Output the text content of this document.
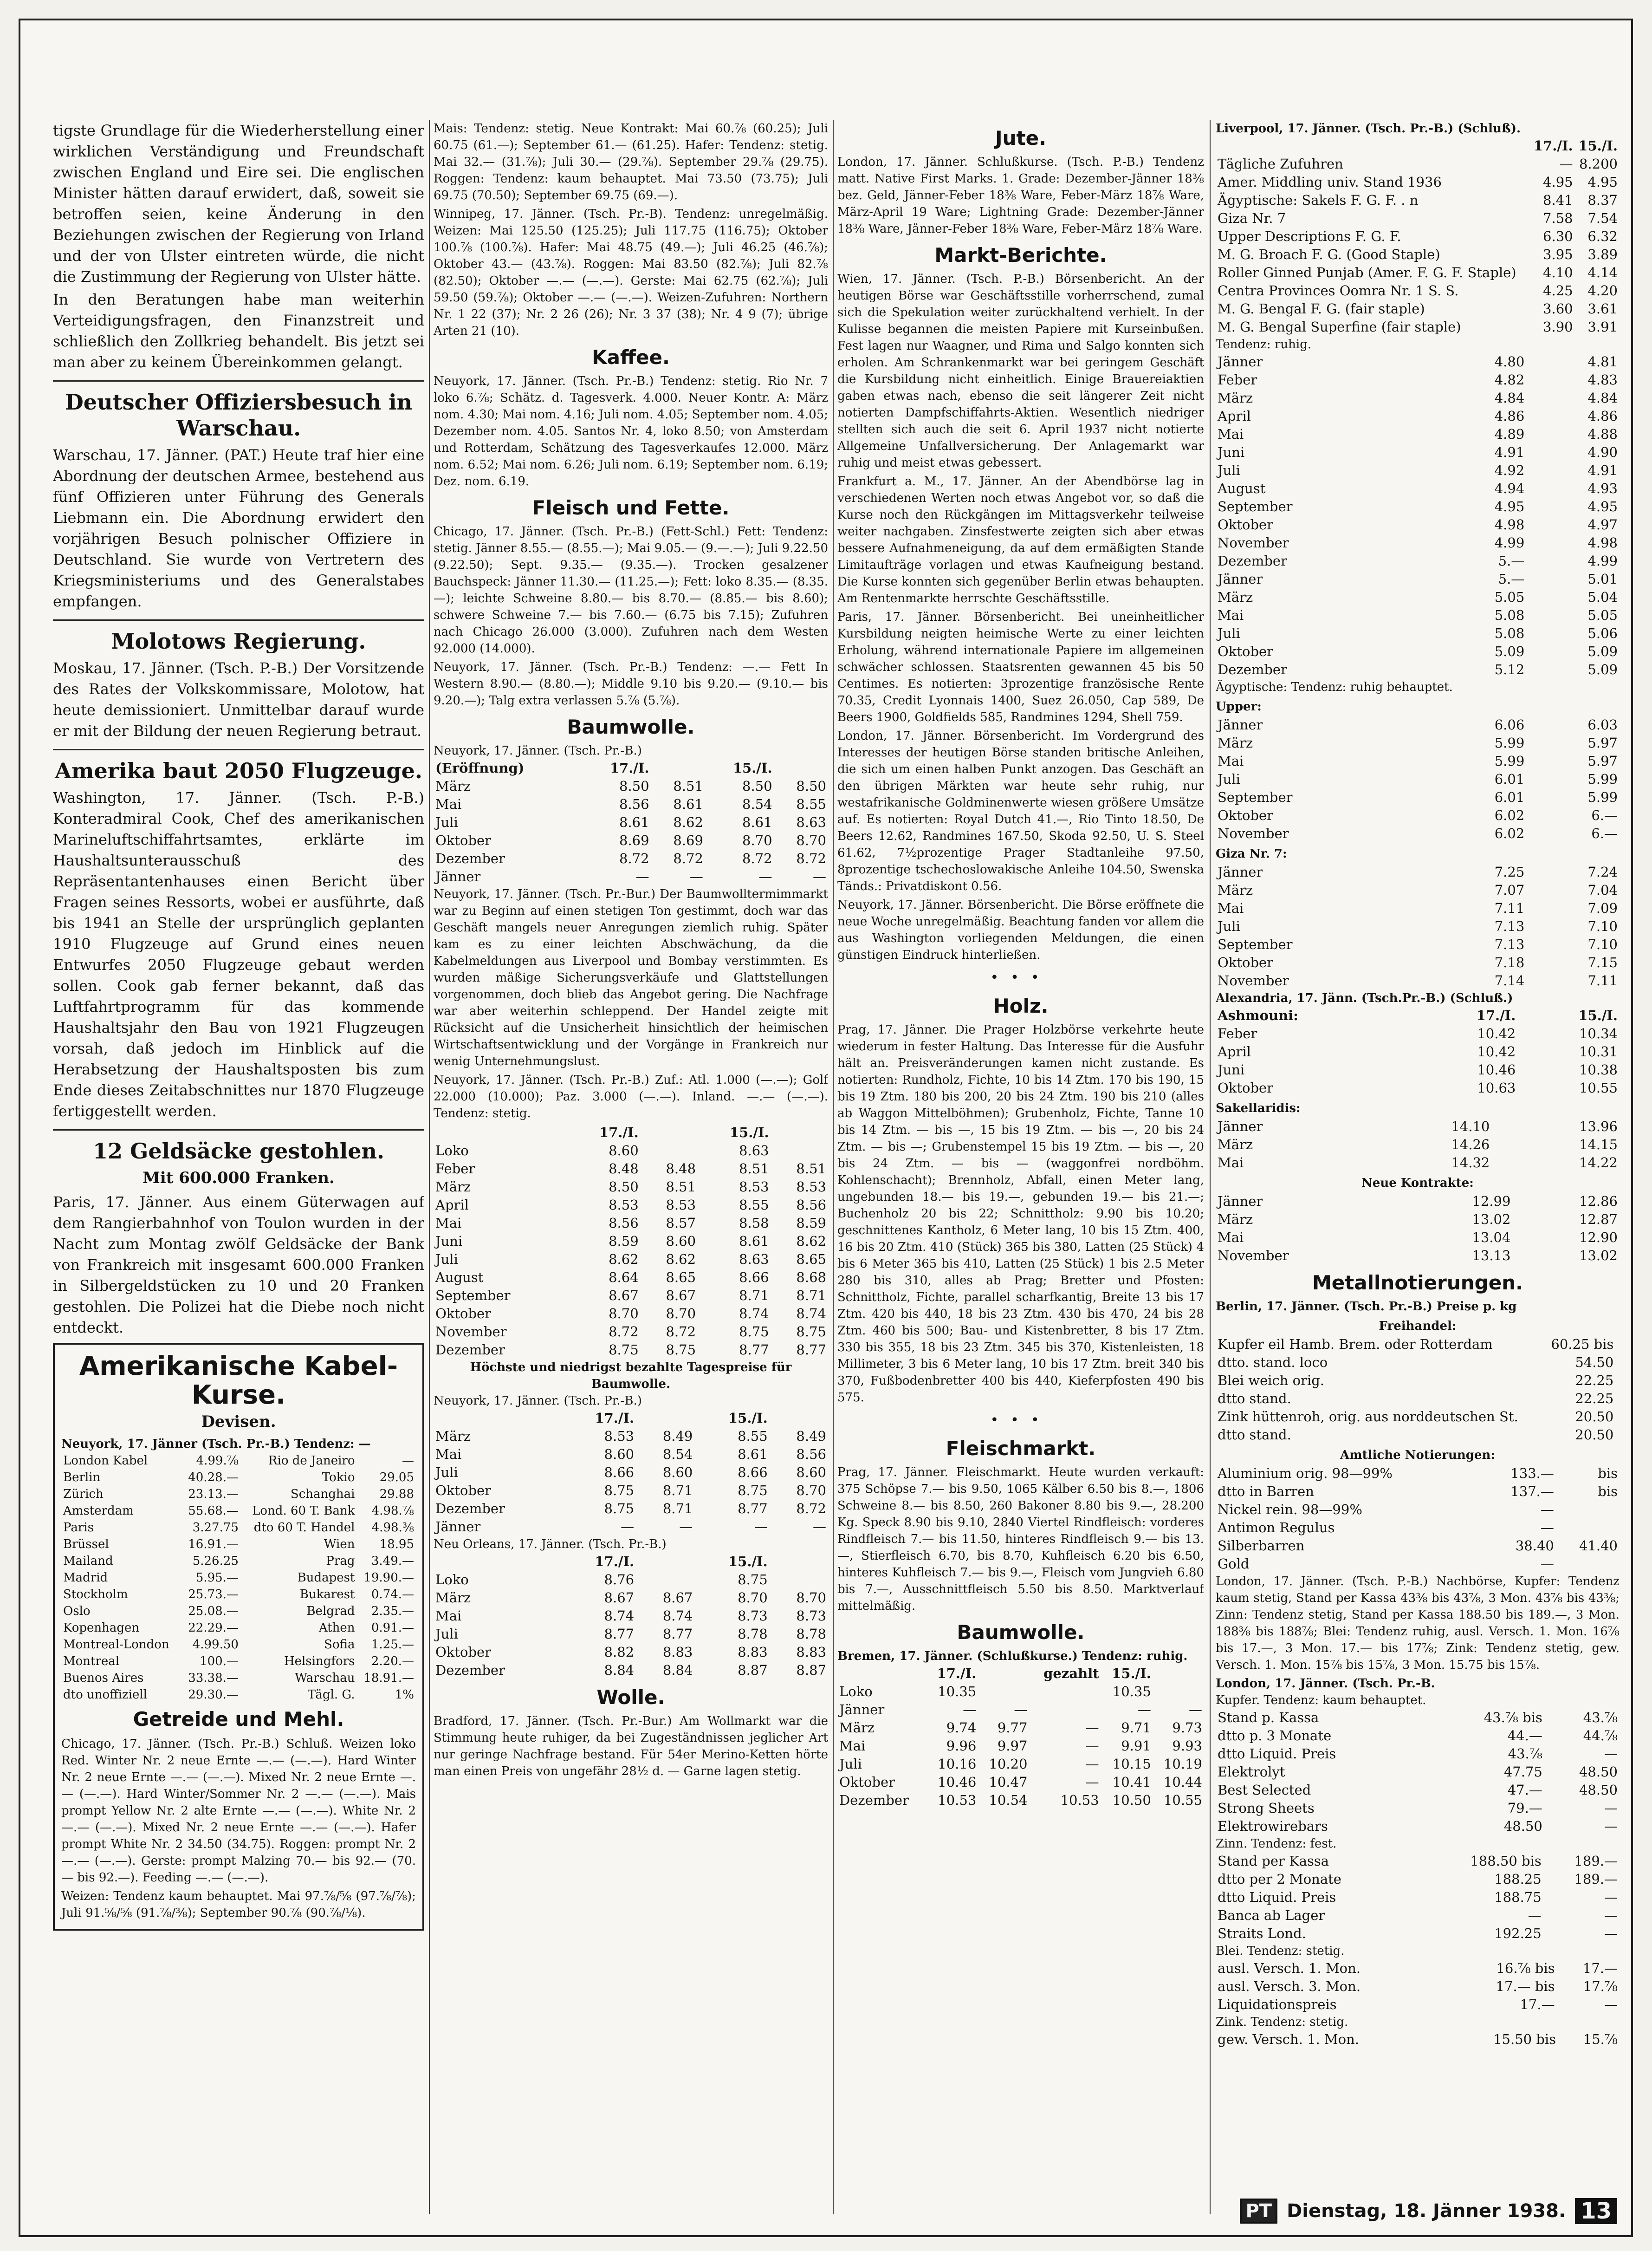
tigste Grundlage für die Wiederherstellung einer wirklichen Verständigung und Freundschaft zwischen England und Eire sei. Die englischen Minister hätten darauf erwidert, daß, soweit sie betroffen seien, keine Änderung in den Beziehungen zwischen der Regierung von Irland und der von Ulster eintreten würde, die nicht die Zustimmung der Regierung von Ulster hätte.

In den Beratungen habe man weiterhin Verteidigungsfragen, den Finanzstreit und schließlich den Zollkrieg behandelt. Bis jetzt sei man aber zu keinem Übereinkommen gelangt.

Deutscher Offiziersbesuch in Warschau.

Warschau, 17. Jänner. (PAT.) Heute traf hier eine Abordnung der deutschen Armee, bestehend aus fünf Offizieren unter Führung des Generals Liebmann ein. Die Abordnung erwidert den vorjährigen Besuch polnischer Offiziere in Deutschland. Sie wurde von Vertretern des Kriegsministeriums und des Generalstabes empfangen.

Molotows Regierung.

Moskau, 17. Jänner. (Tsch. P.-B.) Der Vorsitzende des Rates der Volkskommissare, Molotow, hat heute demissioniert. Unmittelbar darauf wurde er mit der Bildung der neuen Regierung betraut.

Amerika baut 2050 Flugzeuge.

Washington, 17. Jänner. (Tsch. P.-B.) Konteradmiral Cook, Chef des amerikanischen Marineluftschiffahrtsamtes, erklärte im Haushaltsunterausschuß des Repräsentantenhauses einen Bericht über Fragen seines Ressorts, wobei er ausführte, daß bis 1941 an Stelle der ursprünglich geplanten 1910 Flugzeuge auf Grund eines neuen Entwurfes 2050 Flugzeuge gebaut werden sollen. Cook gab ferner bekannt, daß das Luftfahrtprogramm für das kommende Haushaltsjahr den Bau von 1921 Flugzeugen vorsah, daß jedoch im Hinblick auf die Herabsetzung der Haushaltsposten bis zum Ende dieses Zeitabschnittes nur 1870 Flugzeuge fertiggestellt werden.

12 Geldsäcke gestohlen.
Mit 600.000 Franken.

Paris, 17. Jänner. Aus einem Güterwagen auf dem Rangierbahnhof von Toulon wurden in der Nacht zum Montag zwölf Geldsäcke der Bank von Frankreich mit insgesamt 600.000 Franken in Silbergeldstücken zu 10 und 20 Franken gestohlen. Die Polizei hat die Diebe noch nicht entdeckt.

Amerikanische Kabel-Kurse.
Devisen.
Neuyork, 17. Jänner (Tsch. Pr.-B.) Tendenz: —
London Kabel	4.99.⅞	Rio de Janeiro	—
Berlin	40.28.—	Tokio	29.05
Zürich	23.13.—	Schanghai	29.88
Amsterdam	55.68.—	Lond. 60 T. Bank	4.98.⅞
Paris	3.27.75	dto 60 T. Handel	4.98.⅜
Brüssel	16.91.—	Wien	18.95
Mailand	5.26.25	Prag	3.49.—
Madrid	5.95.—	Budapest	19.90.—
Stockholm	25.73.—	Bukarest	0.74.—
Oslo	25.08.—	Belgrad	2.35.—
Kopenhagen	22.29.—	Athen	0.91.—
Montreal-London	4.99.50	Sofia	1.25.—
Montreal	100.—	Helsingfors	2.20.—
Buenos Aires	33.38.—	Warschau	18.91.—
dto unoffiziell	29.30.—	Tägl. G.	1%
Getreide und Mehl.

Chicago, 17. Jänner. (Tsch. Pr.-B.) Schluß. Weizen loko Red. Winter Nr. 2 neue Ernte —.— (—.—). Hard Winter Nr. 2 neue Ernte —.— (—.—). Mixed Nr. 2 neue Ernte —.— (—.—). Hard Winter/Sommer Nr. 2 —.— (—.—). Mais prompt Yellow Nr. 2 alte Ernte —.— (—.—). White Nr. 2 —.— (—.—). Mixed Nr. 2 neue Ernte —.— (—.—). Hafer prompt White Nr. 2 34.50 (34.75). Roggen: prompt Nr. 2 —.— (—.—). Gerste: prompt Malzing 70.— bis 92.— (70.— bis 92.—). Feeding —.— (—.—).

Weizen: Tendenz kaum behauptet. Mai 97.⅞/⅝ (97.⅞/⅞); Juli 91.⅝/⅝ (91.⅞/⅜); September 90.⅞ (90.⅞/⅛).

Mais: Tendenz: stetig. Neue Kontrakt: Mai 60.⅞ (60.25); Juli 60.75 (61.—); September 61.— (61.25). Hafer: Tendenz: stetig. Mai 32.— (31.⅞); Juli 30.— (29.⅞). September 29.⅞ (29.75). Roggen: Tendenz: kaum behauptet. Mai 73.50 (73.75); Juli 69.75 (70.50); September 69.75 (69.—).

Winnipeg, 17. Jänner. (Tsch. Pr.-B). Tendenz: unregelmäßig. Weizen: Mai 125.50 (125.25); Juli 117.75 (116.75); Oktober 100.⅞ (100.⅞). Hafer: Mai 48.75 (49.—); Juli 46.25 (46.⅞); Oktober 43.— (43.⅞). Roggen: Mai 83.50 (82.⅞); Juli 82.⅞ (82.50); Oktober —.— (—.—). Gerste: Mai 62.75 (62.⅞); Juli 59.50 (59.⅞); Oktober —.— (—.—). Weizen-Zufuhren: Northern Nr. 1 22 (37); Nr. 2 26 (26); Nr. 3 37 (38); Nr. 4 9 (7); übrige Arten 21 (10).

Kaffee.

Neuyork, 17. Jänner. (Tsch. Pr.-B.) Tendenz: stetig. Rio Nr. 7 loko 6.⅞; Schätz. d. Tagesverk. 4.000. Neuer Kontr. A: März nom. 4.30; Mai nom. 4.16; Juli nom. 4.05; September nom. 4.05; Dezember nom. 4.05. Santos Nr. 4, loko 8.50; von Amsterdam und Rotterdam, Schätzung des Tagesverkaufes 12.000. März nom. 6.52; Mai nom. 6.26; Juli nom. 6.19; September nom. 6.19; Dez. nom. 6.19.

Fleisch und Fette.

Chicago, 17. Jänner. (Tsch. Pr.-B.) (Fett-Schl.) Fett: Tendenz: stetig. Jänner 8.55.— (8.55.—); Mai 9.05.— (9.—.—); Juli 9.22.50 (9.22.50); Sept. 9.35.— (9.35.—). Trocken gesalzener Bauchspeck: Jänner 11.30.— (11.25.—); Fett: loko 8.35.— (8.35.—); leichte Schweine 8.80.— bis 8.70.— (8.85.— bis 8.60); schwere Schweine 7.— bis 7.60.— (6.75 bis 7.15); Zufuhren nach Chicago 26.000 (3.000). Zufuhren nach dem Westen 92.000 (14.000).

Neuyork, 17. Jänner. (Tsch. Pr.-B.) Tendenz: —.— Fett In Western 8.90.— (8.80.—); Middle 9.10 bis 9.20.— (9.10.— bis 9.20.—); Talg extra verlassen 5.⅞ (5.⅞).

Baumwolle.
Neuyork, 17. Jänner. (Tsch. Pr.-B.)
(Eröffnung)	17./I.		15./I.	
März	8.50	8.51	8.50	8.50
Mai	8.56	8.61	8.54	8.55
Juli	8.61	8.62	8.61	8.63
Oktober	8.69	8.69	8.70	8.70
Dezember	8.72	8.72	8.72	8.72
Jänner	—	—	—	—

Neuyork, 17. Jänner. (Tsch. Pr.-Bur.) Der Baumwolltermimmarkt war zu Beginn auf einen stetigen Ton gestimmt, doch war das Geschäft mangels neuer Anregungen ziemlich ruhig. Später kam es zu einer leichten Abschwächung, da die Kabelmeldungen aus Liverpool und Bombay verstimmten. Es wurden mäßige Sicherungsverkäufe und Glattstellungen vorgenommen, doch blieb das Angebot gering. Die Nachfrage war aber weiterhin schleppend. Der Handel zeigte mit Rücksicht auf die Unsicherheit hinsichtlich der heimischen Wirtschaftsentwicklung und der Vorgänge in Frankreich nur wenig Unternehmungslust.

Neuyork, 17. Jänner. (Tsch. Pr.-B.) Zuf.: Atl. 1.000 (—.—); Golf 22.000 (10.000); Paz. 3.000 (—.—). Inland. —.— (—.—). Tendenz: stetig.

	17./I.		15./I.	
Loko	8.60		8.63	
Feber	8.48	8.48	8.51	8.51
März	8.50	8.51	8.53	8.53
April	8.53	8.53	8.55	8.56
Mai	8.56	8.57	8.58	8.59
Juni	8.59	8.60	8.61	8.62
Juli	8.62	8.62	8.63	8.65
August	8.64	8.65	8.66	8.68
September	8.67	8.67	8.71	8.71
Oktober	8.70	8.70	8.74	8.74
November	8.72	8.72	8.75	8.75
Dezember	8.75	8.75	8.77	8.77
Höchste und niedrigst bezahlte Tagespreise für Baumwolle.
Neuyork, 17. Jänner. (Tsch. Pr.-B.)
	17./I.		15./I.	
März	8.53	8.49	8.55	8.49
Mai	8.60	8.54	8.61	8.56
Juli	8.66	8.60	8.66	8.60
Oktober	8.75	8.71	8.75	8.70
Dezember	8.75	8.71	8.77	8.72
Jänner	—	—	—	—
Neu Orleans, 17. Jänner. (Tsch. Pr.-B.)
	17./I.		15./I.	
Loko	8.76		8.75	
März	8.67	8.67	8.70	8.70
Mai	8.74	8.74	8.73	8.73
Juli	8.77	8.77	8.78	8.78
Oktober	8.82	8.83	8.83	8.83
Dezember	8.84	8.84	8.87	8.87
Wolle.

Bradford, 17. Jänner. (Tsch. Pr.-Bur.) Am Wollmarkt war die Stimmung heute ruhiger, da bei Zugeständnissen jeglicher Art nur geringe Nachfrage bestand. Für 54er Merino-Ketten hörte man einen Preis von ungefähr 28½ d. — Garne lagen stetig.

Jute.

London, 17. Jänner. Schlußkurse. (Tsch. P.-B.) Tendenz matt. Native First Marks. 1. Grade: Dezember-Jänner 18⅜ bez. Geld, Jänner-Feber 18⅜ Ware, Feber-März 18⅞ Ware, März-April 19 Ware; Lightning Grade: Dezember-Jänner 18⅜ Ware, Jänner-Feber 18⅜ Ware, Feber-März 18⅞ Ware.

Markt-Berichte.

Wien, 17. Jänner. (Tsch. P.-B.) Börsenbericht. An der heutigen Börse war Geschäftsstille vorherrschend, zumal sich die Spekulation weiter zurückhaltend verhielt. In der Kulisse begannen die meisten Papiere mit Kurseinbußen. Fest lagen nur Waagner, und Rima und Salgo konnten sich erholen. Am Schrankenmarkt war bei geringem Geschäft die Kursbildung nicht einheitlich. Einige Brauereiaktien gaben etwas nach, ebenso die seit längerer Zeit nicht notierten Dampfschiffahrts-Aktien. Wesentlich niedriger stellten sich auch die seit 6. April 1937 nicht notierte Allgemeine Unfallversicherung. Der Anlagemarkt war ruhig und meist etwas gebessert.

Frankfurt a. M., 17. Jänner. An der Abendbörse lag in verschiedenen Werten noch etwas Angebot vor, so daß die Kurse noch den Rückgängen im Mittagsverkehr teilweise weiter nachgaben. Zinsfestwerte zeigten sich aber etwas bessere Aufnahmeneigung, da auf dem ermäßigten Stande Limitaufträge vorlagen und etwas Kaufneigung bestand. Die Kurse konnten sich gegenüber Berlin etwas behaupten. Am Rentenmarkte herrschte Geschäftsstille.

Paris, 17. Jänner. Börsenbericht. Bei uneinheitlicher Kursbildung neigten heimische Werte zu einer leichten Erholung, während internationale Papiere im allgemeinen schwächer schlossen. Staatsrenten gewannen 45 bis 50 Centimes. Es notierten: 3prozentige französische Rente 70.35, Credit Lyonnais 1400, Suez 26.050, Cap 589, De Beers 1900, Goldfields 585, Randmines 1294, Shell 759.

London, 17. Jänner. Börsenbericht. Im Vordergrund des Interesses der heutigen Börse standen britische Anleihen, die sich um einen halben Punkt anzogen. Das Geschäft an den übrigen Märkten war heute sehr ruhig, nur westafrikanische Goldminenwerte wiesen größere Umsätze auf. Es notierten: Royal Dutch 41.—, Rio Tinto 18.50, De Beers 12.62, Randmines 167.50, Skoda 92.50, U. S. Steel 61.62, 7½prozentige Prager Stadtanleihe 97.50, 8prozentige tschechoslowakische Anleihe 104.50, Swenska Tänds.: Privatdiskont 0.56.

Neuyork, 17. Jänner. Börsenbericht. Die Börse eröffnete die neue Woche unregelmäßig. Beachtung fanden vor allem die aus Washington vorliegenden Meldungen, die einen günstigen Eindruck hinterließen.

•••
Holz.

Prag, 17. Jänner. Die Prager Holzbörse verkehrte heute wiederum in fester Haltung. Das Interesse für die Ausfuhr hält an. Preisveränderungen kamen nicht zustande. Es notierten: Rundholz, Fichte, 10 bis 14 Ztm. 170 bis 190, 15 bis 19 Ztm. 180 bis 200, 20 bis 24 Ztm. 190 bis 210 (alles ab Waggon Mittelböhmen); Grubenholz, Fichte, Tanne 10 bis 14 Ztm. — bis —, 15 bis 19 Ztm. — bis —, 20 bis 24 Ztm. — bis —; Grubenstempel 15 bis 19 Ztm. — bis —, 20 bis 24 Ztm. — bis — (waggonfrei nordböhm. Kohlenschacht); Brennholz, Abfall, einen Meter lang, ungebunden 18.— bis 19.—, gebunden 19.— bis 21.—; Buchenholz 20 bis 22; Schnittholz: 9.90 bis 10.20; geschnittenes Kantholz, 6 Meter lang, 10 bis 15 Ztm. 400, 16 bis 20 Ztm. 410 (Stück) 365 bis 380, Latten (25 Stück) 4 bis 6 Meter 365 bis 410, Latten (25 Stück) 1 bis 2.5 Meter 280 bis 310, alles ab Prag; Bretter und Pfosten: Schnittholz, Fichte, parallel scharfkantig, Breite 13 bis 17 Ztm. 420 bis 440, 18 bis 23 Ztm. 430 bis 470, 24 bis 28 Ztm. 460 bis 500; Bau- und Kistenbretter, 8 bis 17 Ztm. 330 bis 355, 18 bis 23 Ztm. 345 bis 370, Kistenleisten, 18 Millimeter, 3 bis 6 Meter lang, 10 bis 17 Ztm. breit 340 bis 370, Fußbodenbretter 400 bis 440, Kieferpfosten 490 bis 575.

•••
Fleischmarkt.

Prag, 17. Jänner. Fleischmarkt. Heute wurden verkauft: 375 Schöpse 7.— bis 9.50, 1065 Kälber 6.50 bis 8.—, 1806 Schweine 8.— bis 8.50, 260 Bakoner 8.80 bis 9.—, 28.200 Kg. Speck 8.90 bis 9.10, 2840 Viertel Rindfleisch: vorderes Rindfleisch 7.— bis 11.50, hinteres Rindfleisch 9.— bis 13.—, Stierfleisch 6.70, bis 8.70, Kuhfleisch 6.20 bis 6.50, hinteres Kuhfleisch 7.— bis 9.—, Fleisch vom Jungvieh 6.80 bis 7.—, Ausschnittfleisch 5.50 bis 8.50. Marktverlauf mittelmäßig.

Baumwolle.
Bremen, 17. Jänner. (Schlußkurse.) Tendenz: ruhig.
	17./I.		gezahlt	15./I.	
Loko	10.35			10.35	
Jänner	—	—		—	—
März	9.74	9.77	—	9.71	9.73
Mai	9.96	9.97	—	9.91	9.93
Juli	10.16	10.20	—	10.15	10.19
Oktober	10.46	10.47	—	10.41	10.44
Dezember	10.53	10.54	10.53	10.50	10.55
Liverpool, 17. Jänner. (Tsch. Pr.-B.) (Schluß).
	17./I.	15./I.
Tägliche Zufuhren	—	8.200
Amer. Middling univ. Stand 1936	4.95	4.95
Ägyptische: Sakels F. G. F. . n	8.41	8.37
Giza Nr. 7	7.58	7.54
Upper Descriptions F. G. F.	6.30	6.32
M. G. Broach F. G. (Good Staple)	3.95	3.89
Roller Ginned Punjab (Amer. F. G. F. Staple)	4.10	4.14
Centra Provinces Oomra Nr. 1 S. S.	4.25	4.20
M. G. Bengal F. G. (fair staple)	3.60	3.61
M. G. Bengal Superfine (fair staple)	3.90	3.91
Tendenz: ruhig.
Jänner	4.80	4.81
Feber	4.82	4.83
März	4.84	4.84
April	4.86	4.86
Mai	4.89	4.88
Juni	4.91	4.90
Juli	4.92	4.91
August	4.94	4.93
September	4.95	4.95
Oktober	4.98	4.97
November	4.99	4.98
Dezember	5.—	4.99
Jänner	5.—	5.01
März	5.05	5.04
Mai	5.08	5.05
Juli	5.08	5.06
Oktober	5.09	5.09
Dezember	5.12	5.09
Ägyptische: Tendenz: ruhig behauptet.
Upper:
Jänner	6.06	6.03
März	5.99	5.97
Mai	5.99	5.97
Juli	6.01	5.99
September	6.01	5.99
Oktober	6.02	6.—
November	6.02	6.—
Giza Nr. 7:
Jänner	7.25	7.24
März	7.07	7.04
Mai	7.11	7.09
Juli	7.13	7.10
September	7.13	7.10
Oktober	7.18	7.15
November	7.14	7.11
Alexandria, 17. Jänn. (Tsch.Pr.-B.) (Schluß.)
Ashmouni:	17./I.	15./I.
Feber	10.42	10.34
April	10.42	10.31
Juni	10.46	10.38
Oktober	10.63	10.55
Sakellaridis:
Jänner	14.10	13.96
März	14.26	14.15
Mai	14.32	14.22
Neue Kontrakte:
Jänner	12.99	12.86
März	13.02	12.87
Mai	13.04	12.90
November	13.13	13.02
Metallnotierungen.
Berlin, 17. Jänner. (Tsch. Pr.-B.) Preise p. kg
Freihandel:
Kupfer eil Hamb. Brem. oder Rotterdam	60.25 bis	
dtto. stand. loco	54.50	
Blei weich orig.	22.25	
dtto stand.	22.25	
Zink hüttenroh, orig. aus norddeutschen St.	20.50	
dtto stand.	20.50	
Amtliche Notierungen:
Aluminium orig. 98—99%	133.—	bis
dtto in Barren	137.—	bis
Nickel rein. 98—99%	—	
Antimon Regulus	—	
Silberbarren	38.40	41.40
Gold	—	

London, 17. Jänner. (Tsch. P.-B.) Nachbörse, Kupfer: Tendenz kaum stetig, Stand per Kassa 43⅜ bis 43⅞, 3 Mon. 43⅞ bis 43⅜; Zinn: Tendenz stetig, Stand per Kassa 188.50 bis 189.—, 3 Mon. 188⅜ bis 188⅞; Blei: Tendenz ruhig, ausl. Versch. 1. Mon. 16⅞ bis 17.—, 3 Mon. 17.— bis 17⅞; Zink: Tendenz stetig, gew. Versch. 1. Mon. 15⅞ bis 15⅞, 3 Mon. 15.75 bis 15⅞.

London, 17. Jänner. (Tsch. Pr.-B.
Kupfer. Tendenz: kaum behauptet.
Stand p. Kassa	43.⅞ bis	43.⅞
dtto p. 3 Monate	44.—	44.⅞
dtto Liquid. Preis	43.⅞	—
Elektrolyt	47.75	48.50
Best Selected	47.—	48.50
Strong Sheets	79.—	—
Elektrowirebars	48.50	—
Zinn. Tendenz: fest.
Stand per Kassa	188.50 bis	189.—
dtto per 2 Monate	188.25	189.—
dtto Liquid. Preis	188.75	—
Banca ab Lager	—	—
Straits Lond.	192.25	—
Blei. Tendenz: stetig.
ausl. Versch. 1. Mon.	16.⅞ bis	17.—
ausl. Versch. 3. Mon.	17.— bis	17.⅞
Liquidationspreis	17.—	—
Zink. Tendenz: stetig.
gew. Versch. 1. Mon.	15.50 bis	15.⅞
PT Dienstag, 18. Jänner 1938. 13
